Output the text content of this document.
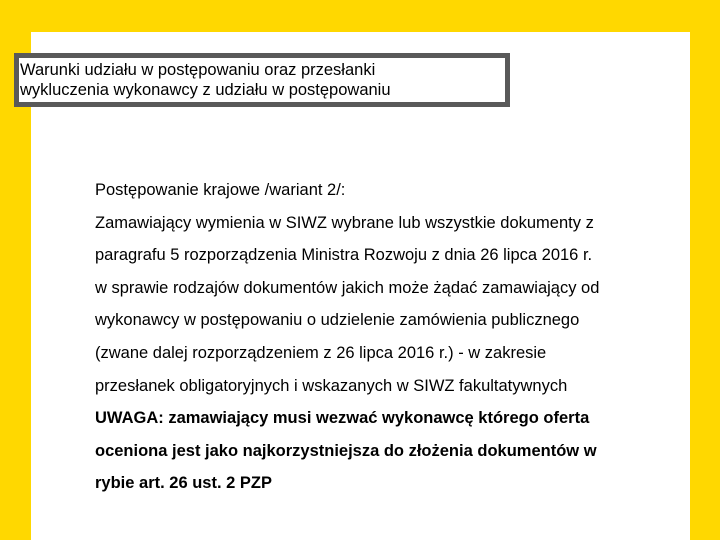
Warunki udziału w postępowaniu oraz przesłanki
wykluczenia wykonawcy z udziału w postępowaniu
Postępowanie krajowe /wariant 2/:
Zamawiający wymienia w SIWZ wybrane lub wszystkie dokumenty z
paragrafu 5 rozporządzenia Ministra Rozwoju z dnia 26 lipca 2016 r.
w sprawie rodzajów dokumentów jakich może żądać zamawiający od
wykonawcy w postępowaniu o udzielenie zamówienia publicznego
(zwane dalej rozporządzeniem z 26 lipca 2016 r.) - w zakresie
przesłanek obligatoryjnych i wskazanych w SIWZ fakultatywnych
UWAGA: zamawiający musi wezwać wykonawcę którego oferta
oceniona jest jako najkorzystniejsza do złożenia dokumentów w
rybie art. 26 ust. 2 PZP
